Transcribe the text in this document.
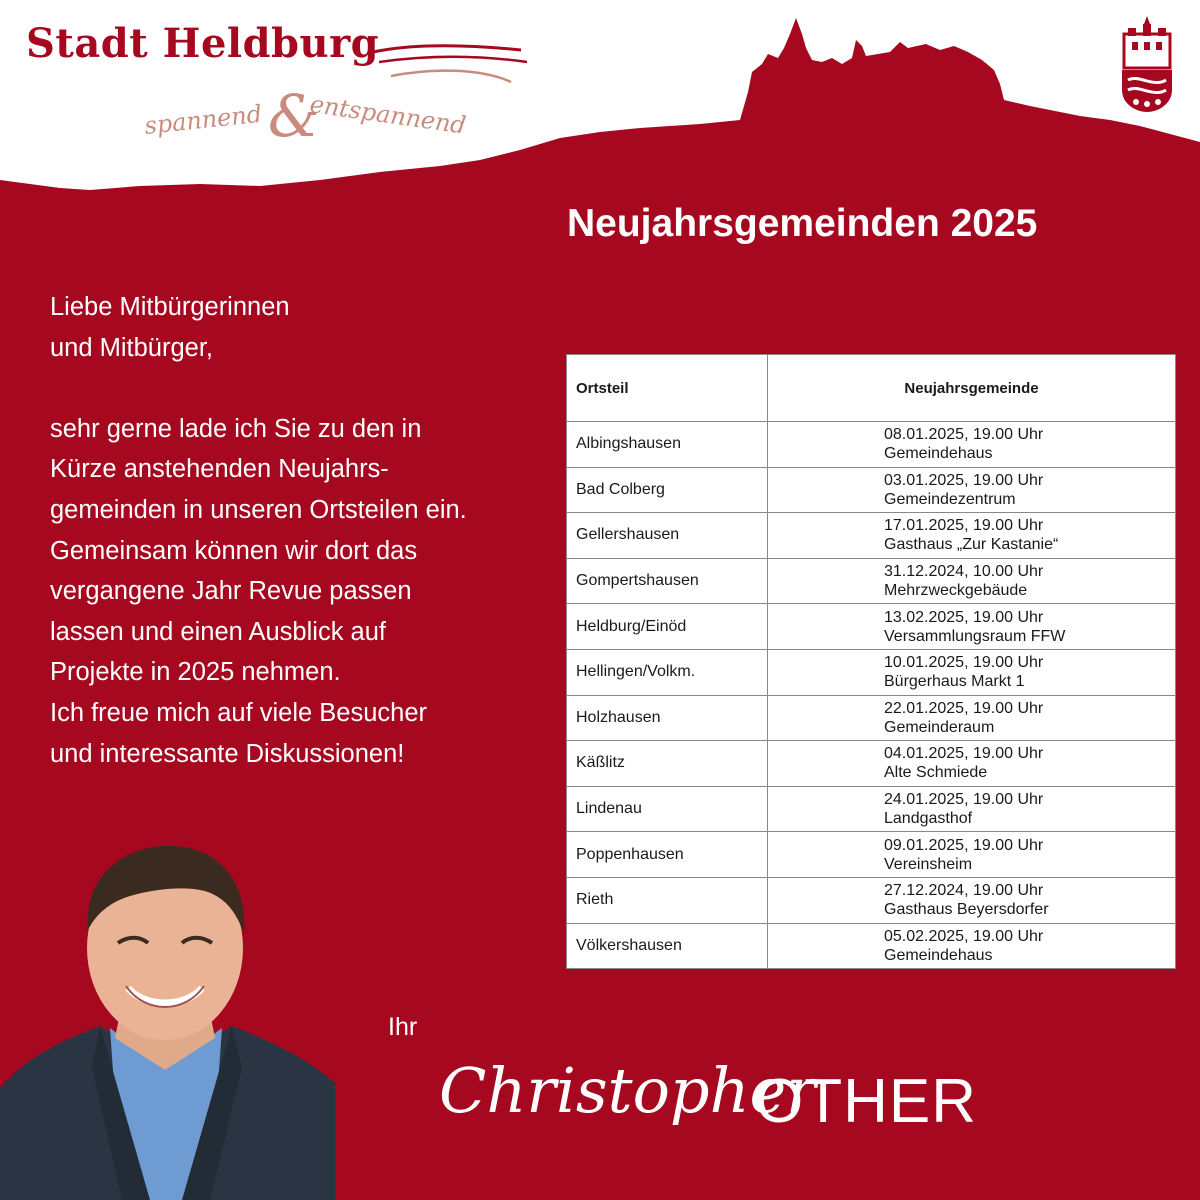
Stadt Heldburg
spannend &
entspannend
Neujahrsgemeinden 2025

Liebe Mitbürgerinnen

und Mitbürger,

sehr gerne lade ich Sie zu den in

Kürze anstehenden Neujahrs-

gemeinden in unseren Ortsteilen ein.

Gemeinsam können wir dort das

vergangene Jahr Revue passen

lassen und einen Ausblick auf

Projekte in 2025 nehmen.

Ich freue mich auf viele Besucher

und interessante Diskussionen!

Ortsteil	Neujahrsgemeinde
Albingshausen	08.01.2025, 19.00 Uhr
Gemeindehaus

Bad Colberg	03.01.2025, 19.00 Uhr
Gemeindezentrum

Gellershausen	17.01.2025, 19.00 Uhr
Gasthaus „Zur Kastanie“

Gompertshausen	31.12.2024, 10.00 Uhr
Mehrzweckgebäude

Heldburg/Einöd	13.02.2025, 19.00 Uhr
Versammlungsraum FFW

Hellingen/Volkm.	10.01.2025, 19.00 Uhr
Bürgerhaus Markt 1

Holzhausen	22.01.2025, 19.00 Uhr
Gemeinderaum

Käßlitz	04.01.2025, 19.00 Uhr
Alte Schmiede

Lindenau	24.01.2025, 19.00 Uhr
Landgasthof

Poppenhausen	09.01.2025, 19.00 Uhr
Vereinsheim

Rieth	27.12.2024, 19.00 Uhr
Gasthaus Beyersdorfer

Völkershausen	05.02.2025, 19.00 Uhr
Gemeindehaus
Ihr
Christopher
OTHER
